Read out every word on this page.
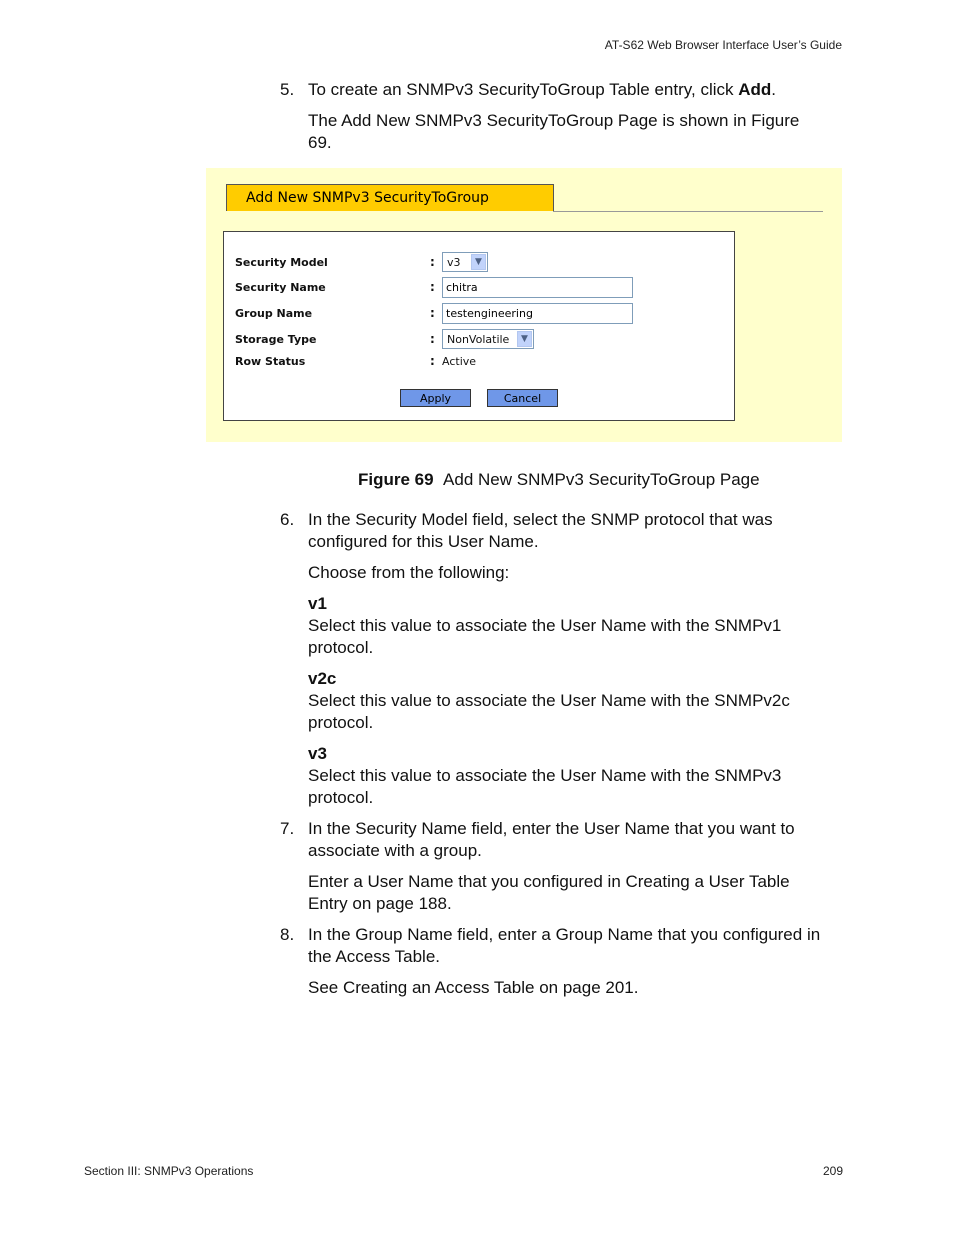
AT-S62 Web Browser Interface User’s Guide
5. To create an SNMPv3 SecurityToGroup Table entry, click Add.
The Add New SNMPv3 SecurityToGroup Page is shown in Figure 69.
Add New SNMPv3 SecurityToGroup
Security Model	: v3	▼
Security Name	:	chitra
Group Name	:	testengineering
Storage Type	: NonVolatile	▼
Row Status	: Active
Apply	Cancel
Figure 69 Add New SNMPv3 SecurityToGroup Page
6. In the Security Model field, select the SNMP protocol that was configured for this User Name.
Choose from the following:
v1
Select this value to associate the User Name with the SNMPv1 protocol.
v2c
Select this value to associate the User Name with the SNMPv2c protocol.
v3
Select this value to associate the User Name with the SNMPv3 protocol.
7. In the Security Name field, enter the User Name that you want to associate with a group.
Enter a User Name that you configured in Creating a User Table Entry on page 188.
8. In the Group Name field, enter a Group Name that you configured in the Access Table.
See Creating an Access Table on page 201.
Section III: SNMPv3 Operations	209
